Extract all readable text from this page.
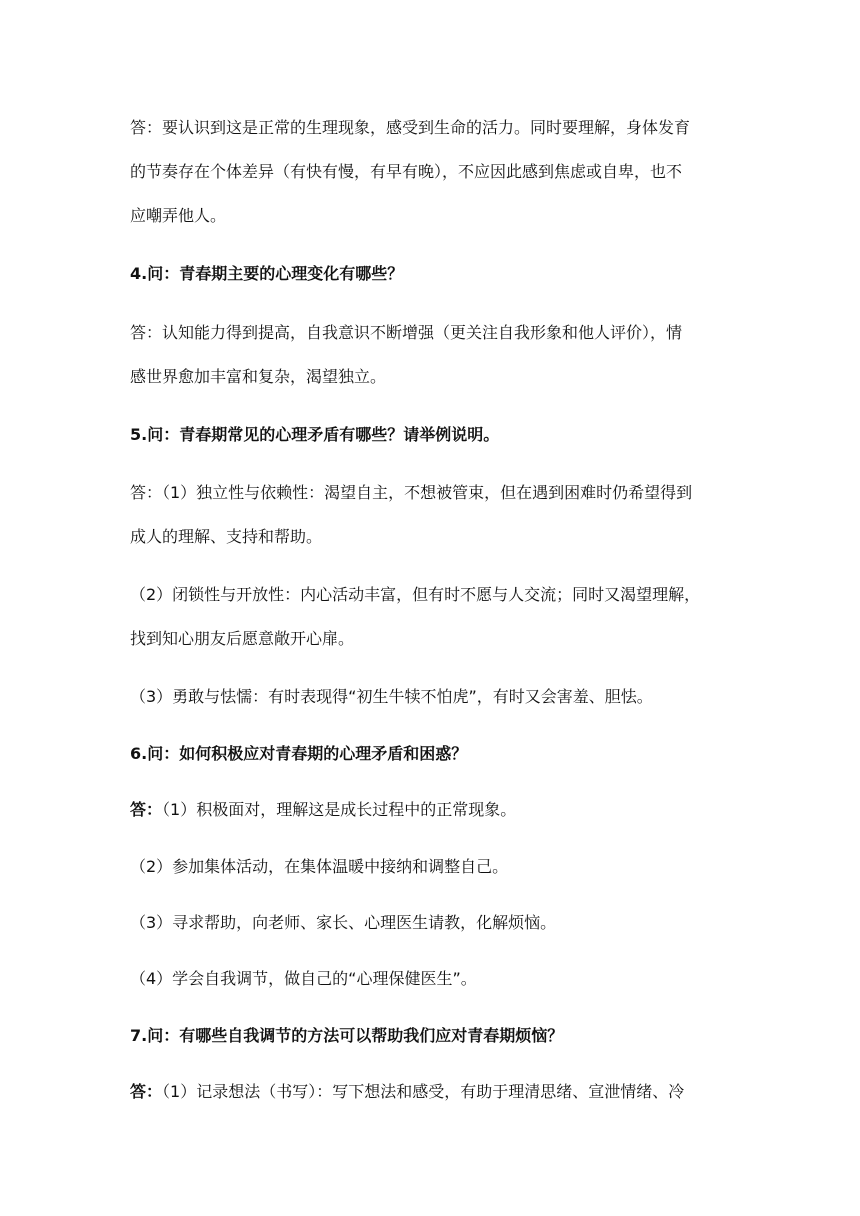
答：要认识到这是正常的生理现象，感受到生命的活力。同时要理解，身体发育
的节奏存在个体差异（有快有慢，有早有晚），不应因此感到焦虑或自卑，也不
应嘲弄他人。
4.问：青春期主要的心理变化有哪些？
答：认知能力得到提高，自我意识不断增强（更关注自我形象和他人评价），情
感世界愈加丰富和复杂，渴望独立。
5.问：青春期常见的心理矛盾有哪些？请举例说明。
答：（1）独立性与依赖性：渴望自主，不想被管束，但在遇到困难时仍希望得到
成人的理解、支持和帮助。
（2）闭锁性与开放性：内心活动丰富，但有时不愿与人交流；同时又渴望理解，
找到知心朋友后愿意敞开心扉。
（3）勇敢与怯懦：有时表现得“初生牛犊不怕虎”，有时又会害羞、胆怯。
6.问：如何积极应对青春期的心理矛盾和困惑？
答：（1）积极面对，理解这是成长过程中的正常现象。
（2）参加集体活动，在集体温暖中接纳和调整自己。
（3）寻求帮助，向老师、家长、心理医生请教，化解烦恼。
（4）学会自我调节，做自己的“心理保健医生”。
7.问：有哪些自我调节的方法可以帮助我们应对青春期烦恼？
答：（1）记录想法（书写）：写下想法和感受，有助于理清思绪、宣泄情绪、冷
